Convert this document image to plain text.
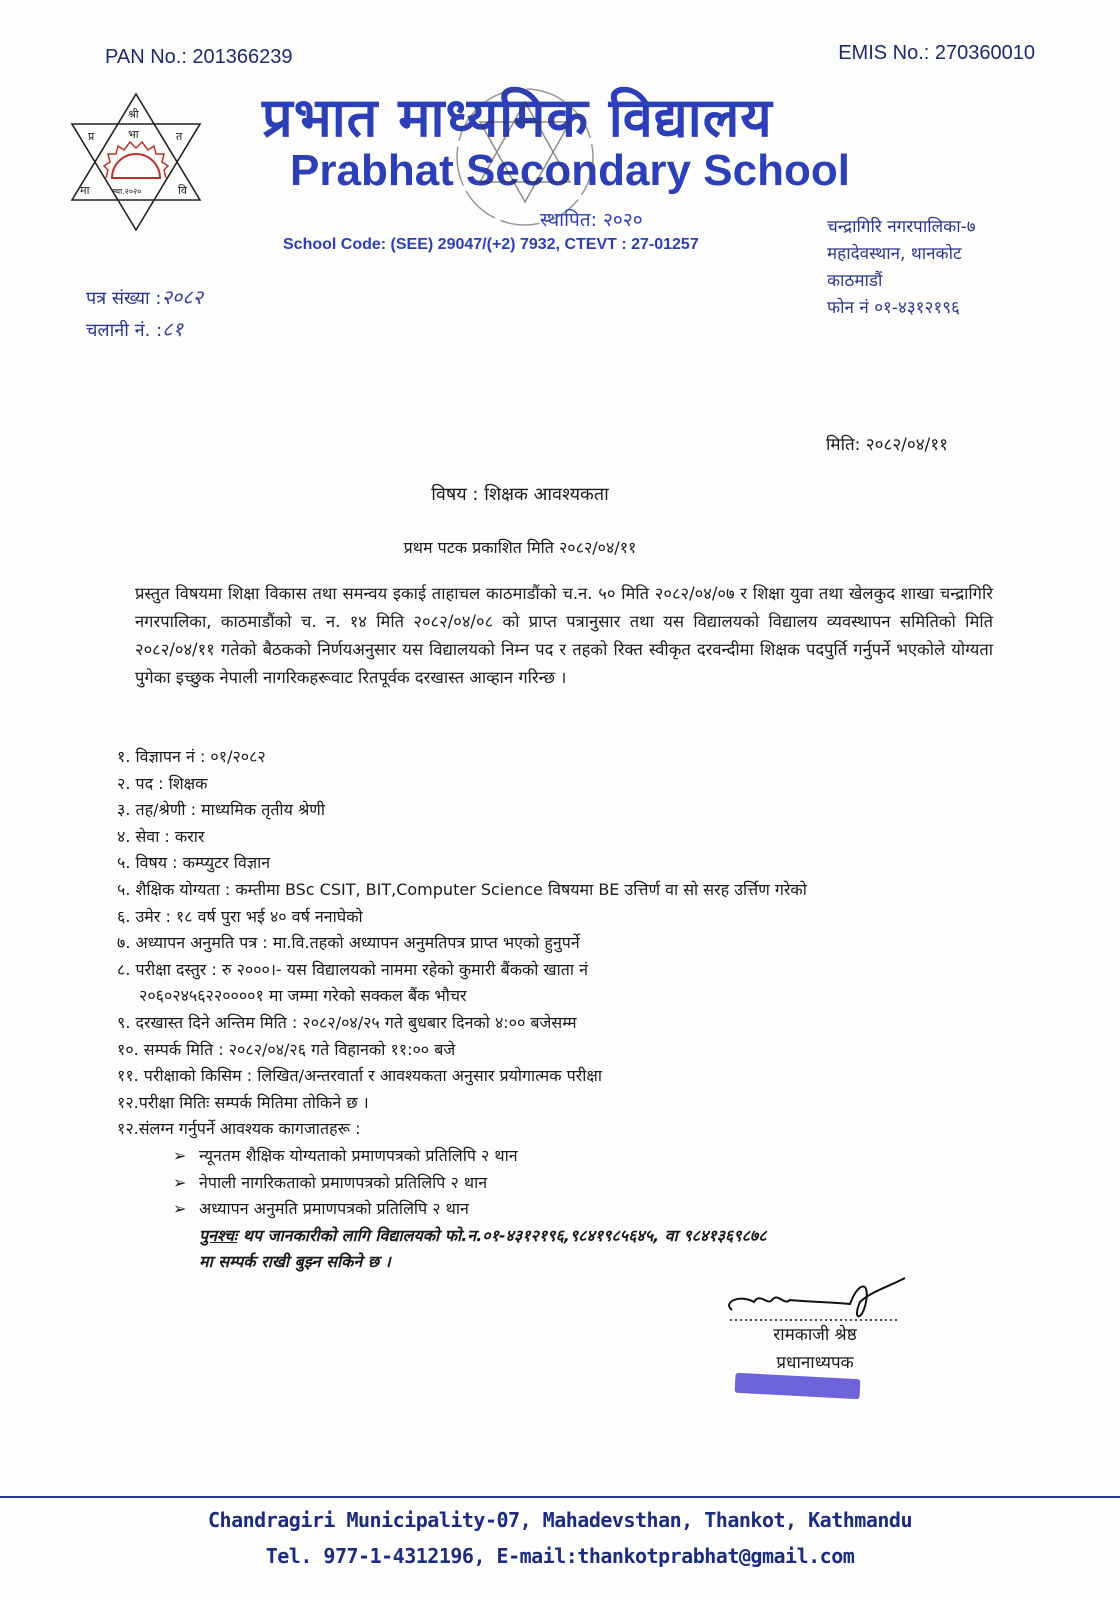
PAN No.: 201366239	EMIS No.: 270360010
श्री
प्र	भा	त
मा	स्था.२०२०	वि
प्रभात माध्यमिक विद्यालय
Prabhat Secondary School
स्थापित: २०२०
School Code: (SEE) 29047/(+2) 7932, CTEVT : 27-01257
चन्द्रागिरि नगरपालिका-७
महादेवस्थान, थानकोट
काठमाडौं
फोन नं ०१-४३१२१९६
पत्र संख्या :२०८२
चलानी नं. :८१
मिति: २०८२/०४/११
विषय : शिक्षक आवश्यकता
प्रथम पटक प्रकाशित मिति २०८२/०४/११
प्रस्तुत विषयमा शिक्षा विकास तथा समन्वय इकाई ताहाचल काठमाडौंको च.न. ५० मिति २०८२/०४/०७ र शिक्षा युवा तथा खेलकुद शाखा चन्द्रागिरि नगरपालिका, काठमाडौंको च. न. १४ मिति २०८२/०४/०८ को प्राप्त पत्रानुसार तथा यस विद्यालयको विद्यालय व्यवस्थापन समितिको मिति २०८२/०४/११ गतेको बैठकको निर्णयअनुसार यस विद्यालयको निम्न पद र तहको रिक्त स्वीकृत दरवन्दीमा शिक्षक पदपुर्ति गर्नुपर्ने भएकोले योग्यता पुगेका इच्छुक नेपाली नागरिकहरूवाट रितपूर्वक दरखास्त आव्हान गरिन्छ ।
१. विज्ञापन नं : ०१/२०८२
२. पद : शिक्षक
३. तह/श्रेणी : माध्यमिक तृतीय श्रेणी
४. सेवा : करार
५. विषय : कम्प्युटर विज्ञान
५. शैक्षिक योग्यता : कम्तीमा BSc CSIT, BIT,Computer Science विषयमा BE उत्तिर्ण वा सो सरह उर्त्तिण गरेको
६. उमेर : १८ वर्ष पुरा भई ४० वर्ष ननाघेको
७. अध्यापन अनुमति पत्र : मा.वि.तहको अध्यापन अनुमतिपत्र प्राप्त भएको हुनुपर्ने
८. परीक्षा दस्तुर : रु २०००।- यस विद्यालयको नाममा रहेको कुमारी बैंकको खाता नं
२०६०२४५६२२००००१ मा जम्मा गरेको सक्कल बैंक भौचर
९. दरखास्त दिने अन्तिम मिति : २०८२/०४/२५ गते बुधबार दिनको ४:०० बजेसम्म
१०. सम्पर्क मिति : २०८२/०४/२६ गते विहानको ११:०० बजे
११. परीक्षाको किसिम : लिखित/अन्तरवार्ता र आवश्यकता अनुसार प्रयोगात्मक परीक्षा
१२.परीक्षा मितिः सम्पर्क मितिमा तोकिने छ ।
१२.संलग्न गर्नुपर्ने आवश्यक कागजातहरू :
➢ न्यूनतम शैक्षिक योग्यताको प्रमाणपत्रको प्रतिलिपि २ थान
➢ नेपाली नागरिकताको प्रमाणपत्रको प्रतिलिपि २ थान
➢ अध्यापन अनुमति प्रमाणपत्रको प्रतिलिपि २ थान
पुनश्चः थप जानकारीको लागि विद्यालयको फो.न.०१-४३१२१९६,९८४१९८५६४५, वा ९८४१३६९८७८
मा सम्पर्क राखी बुझ्न सकिने छ ।
रामकाजी श्रेष्ठ
प्रधानाध्यपक
Chandragiri Municipality-07, Mahadevsthan, Thankot, Kathmandu
Tel. 977-1-4312196, E-mail:thankotprabhat@gmail.com
